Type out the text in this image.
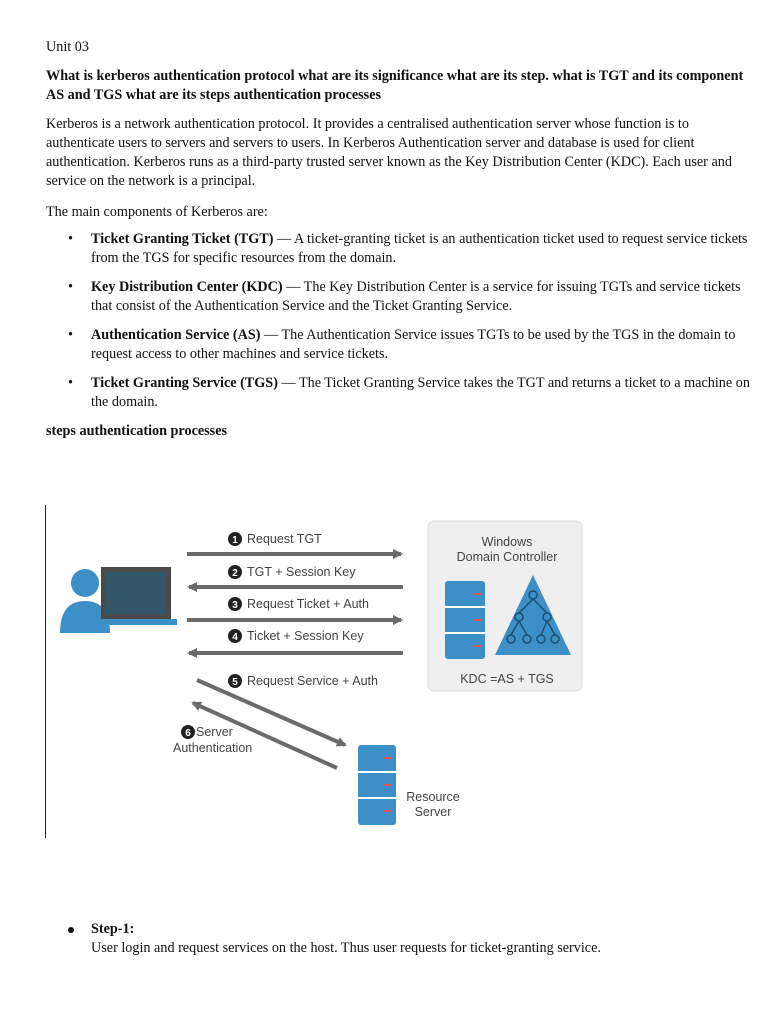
Unit 03
What is kerberos authentication protocol what are its significance what are its step. what is TGT and its component AS and TGS what are its steps authentication processes
Kerberos is a network authentication protocol. It provides a centralised authentication server whose function is to authenticate users to servers and servers to users. In Kerberos Authentication server and database is used for client authentication. Kerberos runs as a third-party trusted server known as the Key Distribution Center (KDC). Each user and service on the network is a principal.
The main components of Kerberos are:
• Ticket Granting Ticket (TGT) — A ticket-granting ticket is an authentication ticket used to request service tickets from the TGS for specific resources from the domain.
• Key Distribution Center (KDC) — The Key Distribution Center is a service for issuing TGTs and service tickets that consist of the Authentication Service and the Ticket Granting Service.
• Authentication Service (AS) — The Authentication Service issues TGTs to be used by the TGS in the domain to request access to other machines and service tickets.
• Ticket Granting Service (TGS) — The Ticket Granting Service takes the TGT and returns a ticket to a machine on the domain.
steps authentication processes
1 Request TGT
2 TGT + Session Key
3 Request Ticket + Auth
4 Ticket + Session Key
5 Request Service + Auth
6 Server
Authentication
Windows
Domain Controller
KDC =AS + TGS
Resource
Server
Step-1:
User login and request services on the host. Thus user requests for ticket-granting service.
